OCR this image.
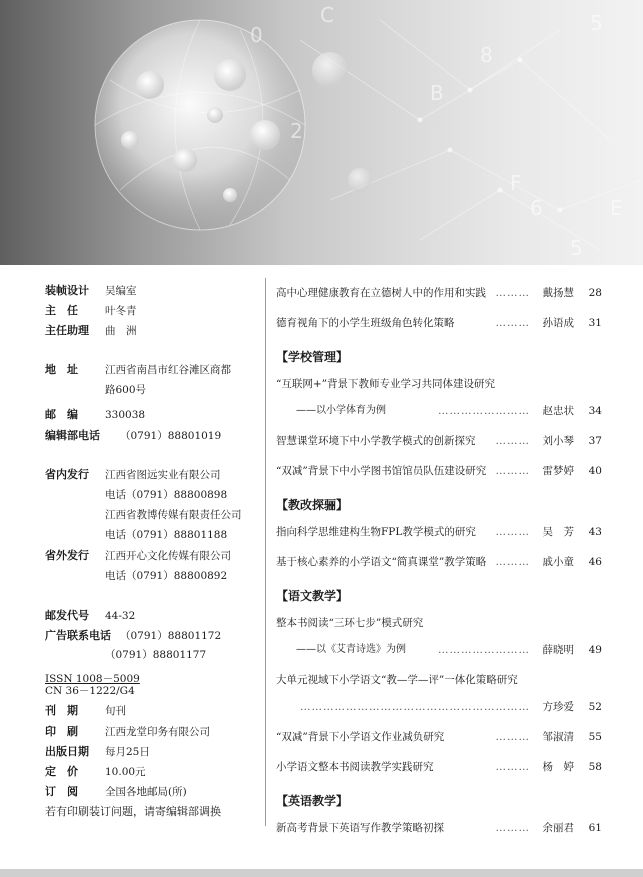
C
0
8
5
2
F
6
5
B
E
装帧设计 吴编室
主　任	叶冬青
主任助理 曲　洲
地　址	江西省南昌市红谷滩区商都
路600号
邮　编	330038
编辑部电话 （0791）88801019
省内发行 江西省图远实业有限公司
电话（0791）88800898
江西省教博传媒有限责任公司
电话（0791）88801188
省外发行 江西开心文化传媒有限公司
电话（0791）88800892
邮发代号 44-32
广告联系电话 （0791）88801172
（0791）88801177
ISSN 1008－5009
CN 36－1222/G4
刊　期	旬刊
印　刷	江西龙堂印务有限公司
出版日期 每月25日
定　价	10.00元
订　阅	全国各地邮局(所)
若有印刷装订问题，请寄编辑部调换
高中心理健康教育在立德树人中的作用和实践 ……… 戴扬慧	28
德育视角下的小学生班级角色转化策略	……… 孙语成	31
【学校管理】
“互联网+”背景下教师专业学习共同体建设研究
——以小学体育为例	…………………… 赵忠状	34
智慧课堂环境下中小学教学模式的创新探究 ……… 刘小琴	37
“双减”背景下中小学图书馆馆员队伍建设研究 ……… 雷梦婷	40
【教改探骊】
指向科学思维建构生物FPL教学模式的研究 ……… 吴　芳	43
基于核心素养的小学语文“简真课堂”教学策略 ……… 戚小童	46
【语文教学】
整本书阅读“三环七步”模式研究
——以《艾青诗选》为例	…………………… 薛晓明	49
大单元视域下小学语文“教—学—评”一体化策略研究
…………………………………………………… 方珍爱	52
“双减”背景下小学语文作业减负研究	……… 邹淑清	55
小学语文整本书阅读教学实践研究	……… 杨　婷	58
【英语教学】
新高考背景下英语写作教学策略初探	……… 余丽君	61
